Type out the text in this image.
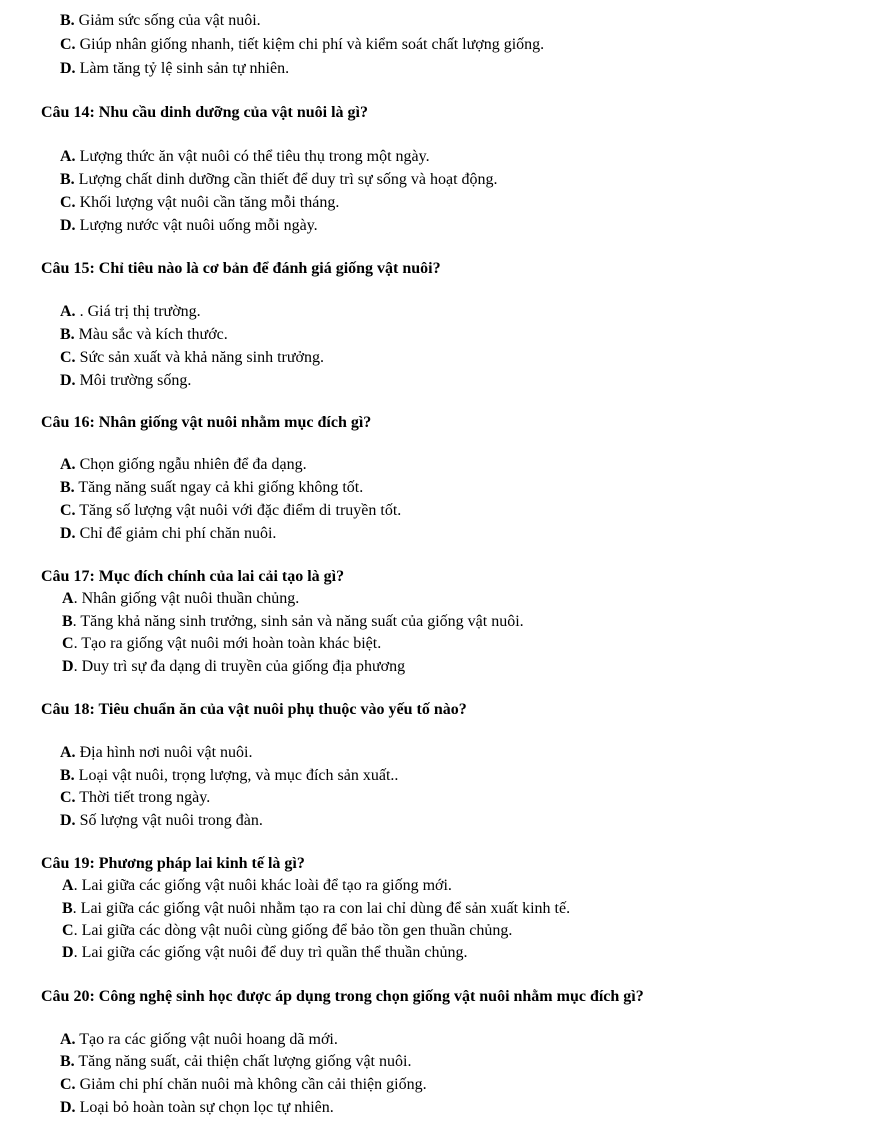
B. Giảm sức sống của vật nuôi.
C. Giúp nhân giống nhanh, tiết kiệm chi phí và kiểm soát chất lượng giống.
D. Làm tăng tỷ lệ sinh sản tự nhiên.
Câu 14: Nhu cầu dinh dưỡng của vật nuôi là gì?
A. Lượng thức ăn vật nuôi có thể tiêu thụ trong một ngày.
B. Lượng chất dinh dưỡng cần thiết để duy trì sự sống và hoạt động.
C. Khối lượng vật nuôi cần tăng mỗi tháng.
D. Lượng nước vật nuôi uống mỗi ngày.
Câu 15: Chỉ tiêu nào là cơ bản để đánh giá giống vật nuôi?
A. . Giá trị thị trường.
B. Màu sắc và kích thước.
C. Sức sản xuất và khả năng sinh trưởng.
D. Môi trường sống.
Câu 16: Nhân giống vật nuôi nhằm mục đích gì?
A. Chọn giống ngẫu nhiên để đa dạng.
B. Tăng năng suất ngay cả khi giống không tốt.
C. Tăng số lượng vật nuôi với đặc điểm di truyền tốt.
D. Chỉ để giảm chi phí chăn nuôi.
Câu 17: Mục đích chính của lai cải tạo là gì?
A. Nhân giống vật nuôi thuần chủng.
B. Tăng khả năng sinh trưởng, sinh sản và năng suất của giống vật nuôi.
C. Tạo ra giống vật nuôi mới hoàn toàn khác biệt.
D. Duy trì sự đa dạng di truyền của giống địa phương
Câu 18: Tiêu chuẩn ăn của vật nuôi phụ thuộc vào yếu tố nào?
A. Địa hình nơi nuôi vật nuôi.
B. Loại vật nuôi, trọng lượng, và mục đích sản xuất..
C. Thời tiết trong ngày.
D. Số lượng vật nuôi trong đàn.
Câu 19: Phương pháp lai kinh tế là gì?
A. Lai giữa các giống vật nuôi khác loài để tạo ra giống mới.
B. Lai giữa các giống vật nuôi nhằm tạo ra con lai chỉ dùng để sản xuất kinh tế.
C. Lai giữa các dòng vật nuôi cùng giống để bảo tồn gen thuần chủng.
D. Lai giữa các giống vật nuôi để duy trì quần thể thuần chủng.
Câu 20: Công nghệ sinh học được áp dụng trong chọn giống vật nuôi nhằm mục đích gì?
A. Tạo ra các giống vật nuôi hoang dã mới.
B. Tăng năng suất, cải thiện chất lượng giống vật nuôi.
C. Giảm chi phí chăn nuôi mà không cần cải thiện giống.
D. Loại bỏ hoàn toàn sự chọn lọc tự nhiên.
